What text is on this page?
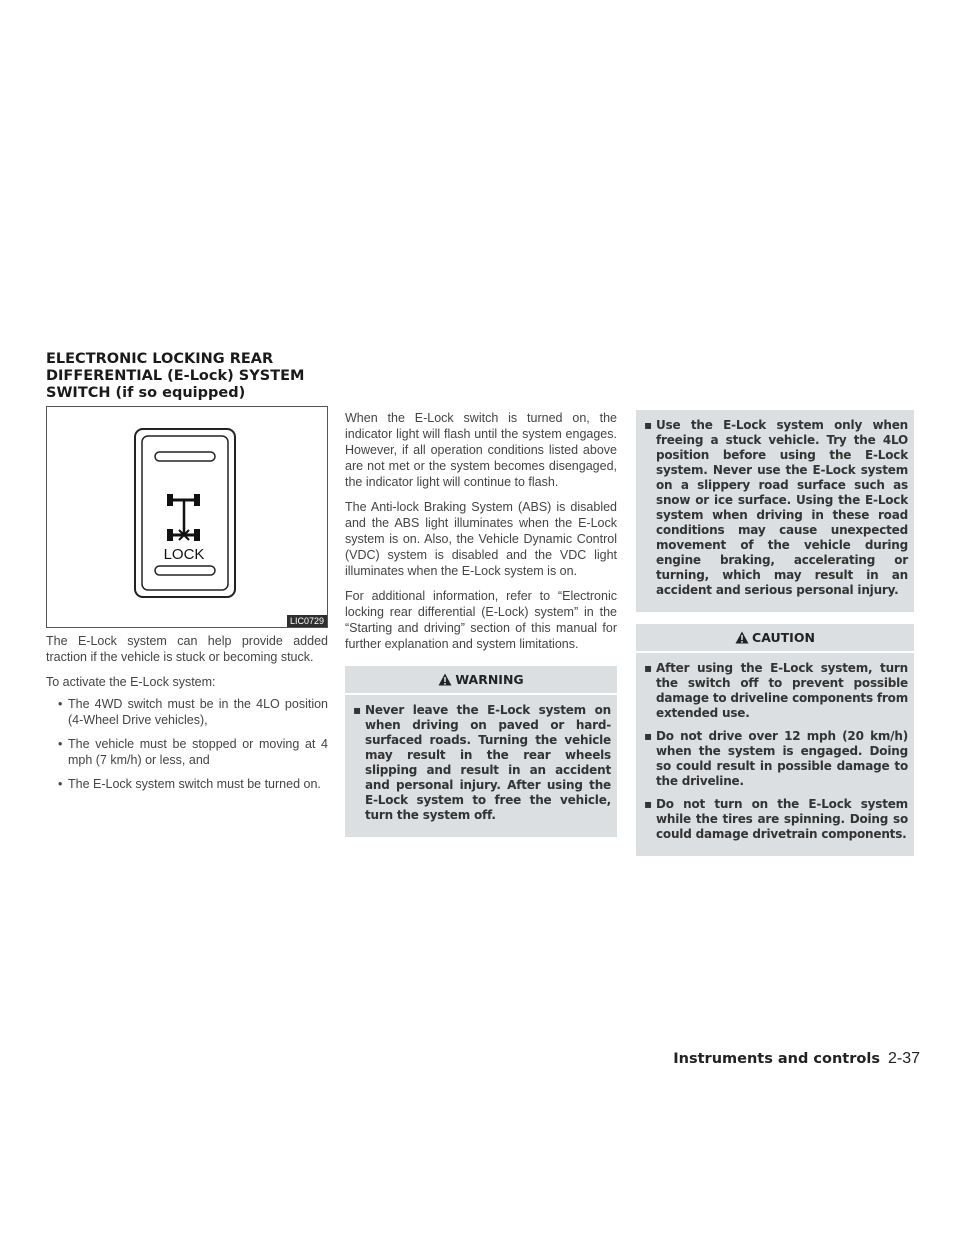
ELECTRONIC LOCKING REAR
DIFFERENTIAL (E-Lock) SYSTEM
SWITCH (if so equipped)
LOCK
LIC0729

The E-Lock system can help provide added traction if the vehicle is stuck or becoming stuck.

To activate the E-Lock system:

• The 4WD switch must be in the 4LO position (4-Wheel Drive vehicles),
• The vehicle must be stopped or moving at 4 mph (7 km/h) or less, and
• The E-Lock system switch must be turned on.

When the E-Lock switch is turned on, the indicator light will flash until the system engages. However, if all operation conditions listed above are not met or the system becomes disengaged, the indicator light will continue to flash.

The Anti-lock Braking System (ABS) is disabled and the ABS light illuminates when the E-Lock system is on. Also, the Vehicle Dynamic Control (VDC) system is disabled and the VDC light illuminates when the E-Lock system is on.

For additional information, refer to “Electronic locking rear differential (E-Lock) system” in the “Starting and driving” section of this manual for further explanation and system limitations.

WARNING
▪ Never leave the E-Lock system on when driving on paved or hard-surfaced roads. Turning the vehicle may result in the rear wheels slipping and result in an accident and personal injury. After using the E-Lock system to free the vehicle, turn the system off.
▪ Use the E-Lock system only when freeing a stuck vehicle. Try the 4LO position before using the E-Lock system. Never use the E-Lock system on a slippery road surface such as snow or ice surface. Using the E-Lock system when driving in these road conditions may cause unexpected movement of the vehicle during engine braking, accelerating or turning, which may result in an accident and serious personal injury.
CAUTION
▪ After using the E-Lock system, turn the switch off to prevent possible damage to driveline components from extended use.
▪ Do not drive over 12 mph (20 km/h) when the system is engaged. Doing so could result in possible damage to the driveline.
▪ Do not turn on the E-Lock system while the tires are spinning. Doing so could damage drivetrain components.
Instruments and controls 2-37
